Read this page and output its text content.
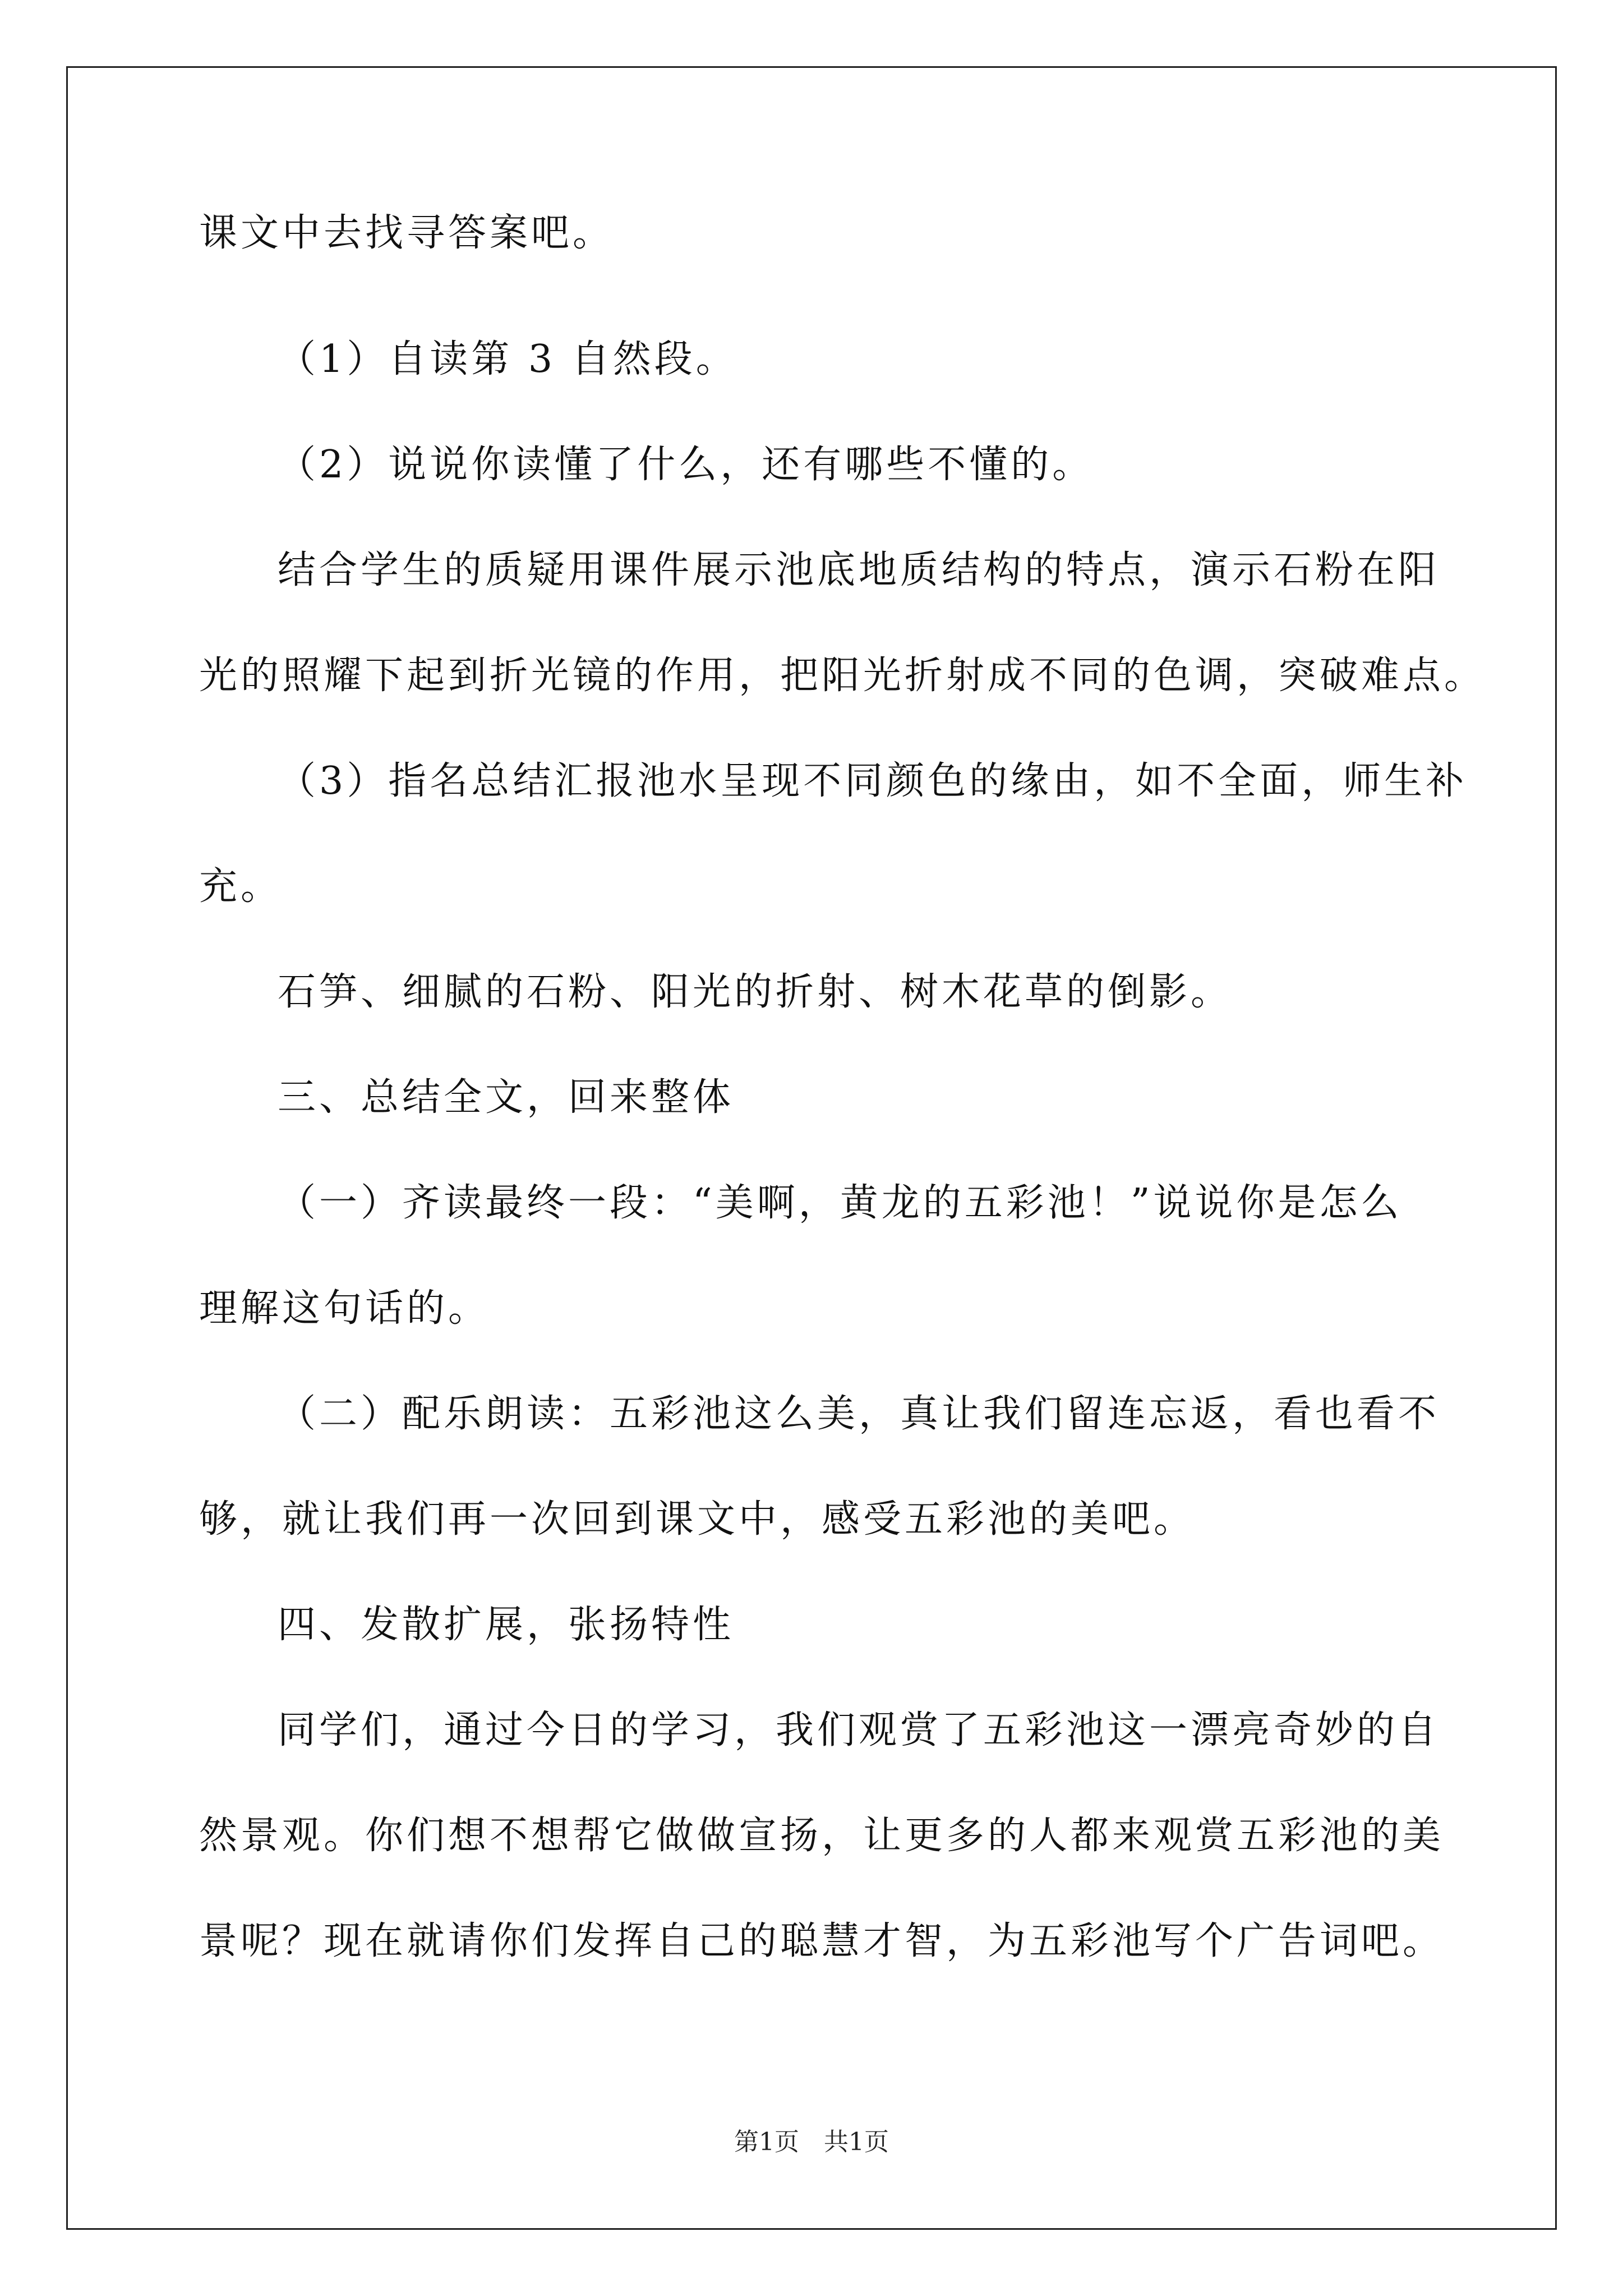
课文中去找寻答案吧。
（1）自读第 3 自然段。
（2）说说你读懂了什么，还有哪些不懂的。
结合学生的质疑用课件展示池底地质结构的特点，演示石粉在阳
光的照耀下起到折光镜的作用，把阳光折射成不同的色调，突破难点。
（3）指名总结汇报池水呈现不同颜色的缘由，如不全面，师生补
充。
石笋、细腻的石粉、阳光的折射、树木花草的倒影。
三、总结全文，回来整体
（一）齐读最终一段：“美啊，黄龙的五彩池！”说说你是怎么
理解这句话的。
（二）配乐朗读：五彩池这么美，真让我们留连忘返，看也看不
够，就让我们再一次回到课文中，感受五彩池的美吧。
四、发散扩展，张扬特性
同学们，通过今日的学习，我们观赏了五彩池这一漂亮奇妙的自
然景观。你们想不想帮它做做宣扬，让更多的人都来观赏五彩池的美
景呢？现在就请你们发挥自己的聪慧才智，为五彩池写个广告词吧。
第1页　共1页
